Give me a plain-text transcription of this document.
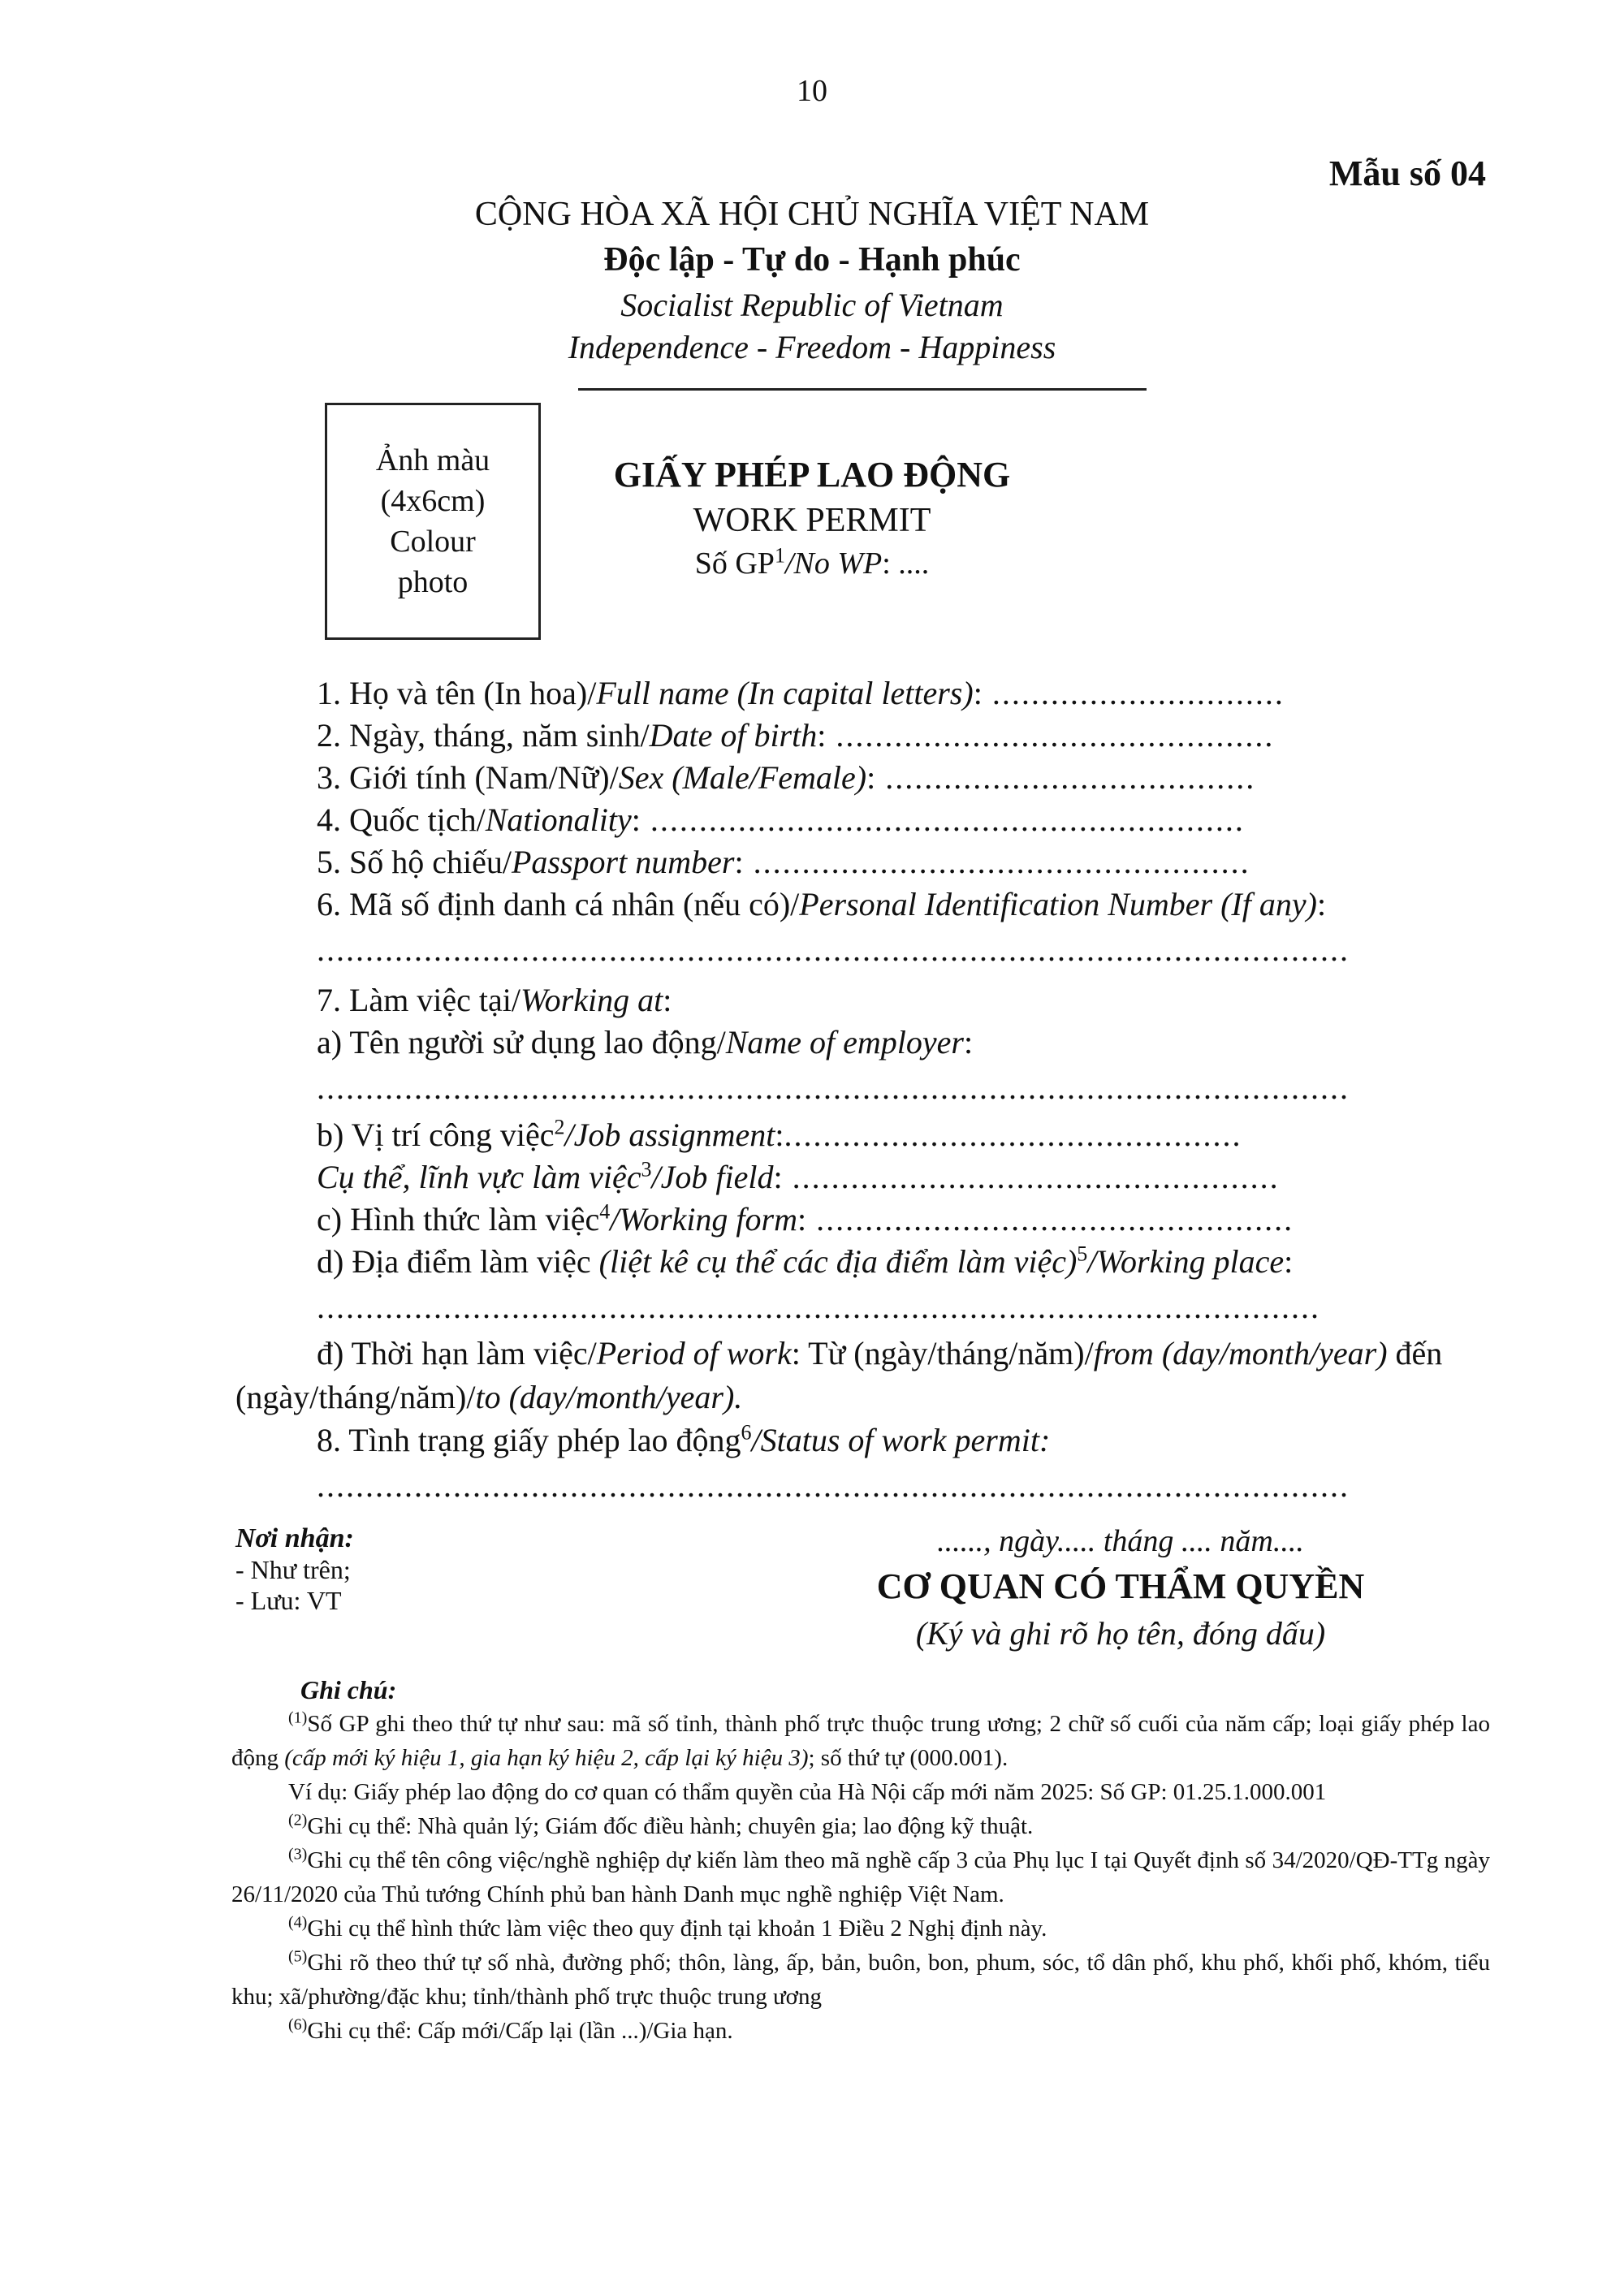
10
Mẫu số 04
CỘNG HÒA XÃ HỘI CHỦ NGHĨA VIỆT NAM
Độc lập - Tự do - Hạnh phúc
Socialist Republic of Vietnam
Independence - Freedom - Happiness
Ảnh màu
(4x6cm)
Colour
photo
GIẤY PHÉP LAO ĐỘNG
WORK PERMIT
Số $GP^1/No$ WP: ....
1. Họ và tên (In hoa)/Full name (In capital letters): ..............................
2. Ngày, tháng, năm sinh/Date of birth: .............................................
3. Giới tính (Nam/Nữ)/Sex (Male/Female): ......................................
4. Quốc tịch/Nationality: .............................................................
5. Số hộ chiếu/Passport number: ...................................................
6. Mã số định danh cá nhân (nếu có)/Personal Identification Number (If any):
..........................................................................................................
7. Làm việc tại/Working at:
a) Tên người sử dụng lao động/Name of employer:
..........................................................................................................
b) Vị trí công việc$^2$/Job assignment:...............................................
Cụ thể, lĩnh vực làm việc$^3$/Job field: ..................................................
c) Hình thức làm việc$^4$/Working form: .................................................
d) Địa điểm làm việc (liệt kê cụ thể các địa điểm làm việc)$^5$/Working place:
.......................................................................................................
đ) Thời hạn làm việc/Period of work: Từ (ngày/tháng/năm)/from (day/month/year) đến (ngày/tháng/năm)/to (day/month/year).
8. Tình trạng giấy phép lao động$^6$/Status of work permit:
..........................................................................................................
Nơi nhận:
- Như trên;
- Lưu: VT
......, ngày..... tháng .... năm....
CƠ QUAN CÓ THẨM QUYỀN
(Ký và ghi rõ họ tên, đóng dấu)
Ghi chú:

$^{(1)}$Số GP ghi theo thứ tự như sau: mã số tỉnh, thành phố trực thuộc trung ương; 2 chữ số cuối của năm cấp; loại giấy phép lao động (cấp mới ký hiệu 1, gia hạn ký hiệu 2, cấp lại ký hiệu 3); số thứ tự (000.001).

Ví dụ: Giấy phép lao động do cơ quan có thẩm quyền của Hà Nội cấp mới năm 2025: Số GP: 01.25.1.000.001

$^{(2)}$Ghi cụ thể: Nhà quản lý; Giám đốc điều hành; chuyên gia; lao động kỹ thuật.

$^{(3)}$Ghi cụ thể tên công việc/nghề nghiệp dự kiến làm theo mã nghề cấp 3 của Phụ lục I tại Quyết định số 34/2020/QĐ-TTg ngày 26/11/2020 của Thủ tướng Chính phủ ban hành Danh mục nghề nghiệp Việt Nam.

$^{(4)}$Ghi cụ thể hình thức làm việc theo quy định tại khoản 1 Điều 2 Nghị định này.

$^{(5)}$Ghi rõ theo thứ tự số nhà, đường phố; thôn, làng, ấp, bản, buôn, bon, phum, sóc, tổ dân phố, khu phố, khối phố, khóm, tiểu khu; xã/phường/đặc khu; tỉnh/thành phố trực thuộc trung ương

$^{(6)}$Ghi cụ thể: Cấp mới/Cấp lại (lần ...)/Gia hạn.
